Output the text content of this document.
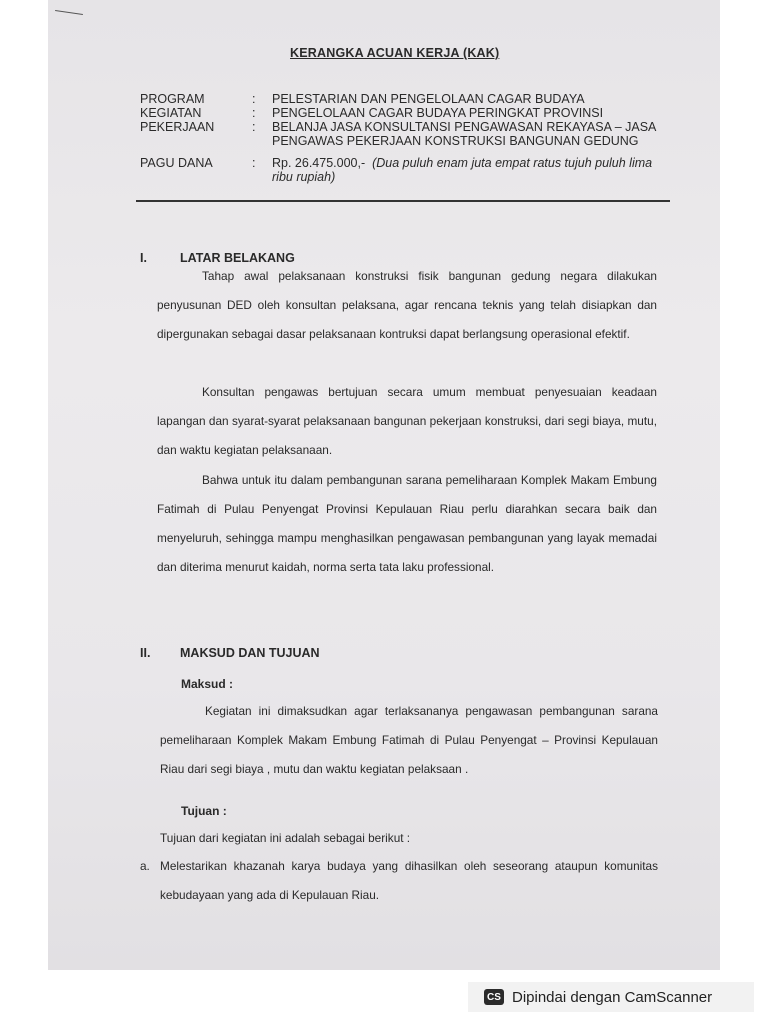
KERANGKA ACUAN KERJA (KAK)
PROGRAM	:	PELESTARIAN DAN PENGELOLAAN CAGAR BUDAYA
KEGIATAN	:	PENGELOLAAN CAGAR BUDAYA PERINGKAT PROVINSI
PEKERJAAN	:	BELANJA JASA KONSULTANSI PENGAWASAN REKAYASA – JASA PENGAWAS PEKERJAAN KONSTRUKSI BANGUNAN GEDUNG
PAGU DANA	:	Rp. 26.475.000,- (Dua puluh enam juta empat ratus tujuh puluh lima ribu rupiah)
I.	LATAR BELAKANG
Tahap awal pelaksanaan konstruksi fisik bangunan gedung negara dilakukan penyusunan DED oleh konsultan pelaksana, agar rencana teknis yang telah disiapkan dan dipergunakan sebagai dasar pelaksanaan kontruksi dapat berlangsung operasional efektif.
Konsultan pengawas bertujuan secara umum membuat penyesuaian keadaan lapangan dan syarat-syarat pelaksanaan bangunan pekerjaan konstruksi, dari segi biaya, mutu, dan waktu kegiatan pelaksanaan.
Bahwa untuk itu dalam pembangunan sarana pemeliharaan Komplek Makam Embung Fatimah di Pulau Penyengat Provinsi Kepulauan Riau perlu diarahkan secara baik dan menyeluruh, sehingga mampu menghasilkan pengawasan pembangunan yang layak memadai dan diterima menurut kaidah, norma serta tata laku professional.
II. MAKSUD DAN TUJUAN
Maksud :
Kegiatan ini dimaksudkan agar terlaksananya pengawasan pembangunan sarana pemeliharaan Komplek Makam Embung Fatimah di Pulau Penyengat – Provinsi Kepulauan Riau dari segi biaya , mutu dan waktu kegiatan pelaksaan .
Tujuan :
Tujuan dari kegiatan ini adalah sebagai berikut :
a. Melestarikan khazanah karya budaya yang dihasilkan oleh seseorang ataupun komunitas kebudayaan yang ada di Kepulauan Riau.
CS Dipindai dengan CamScanner
